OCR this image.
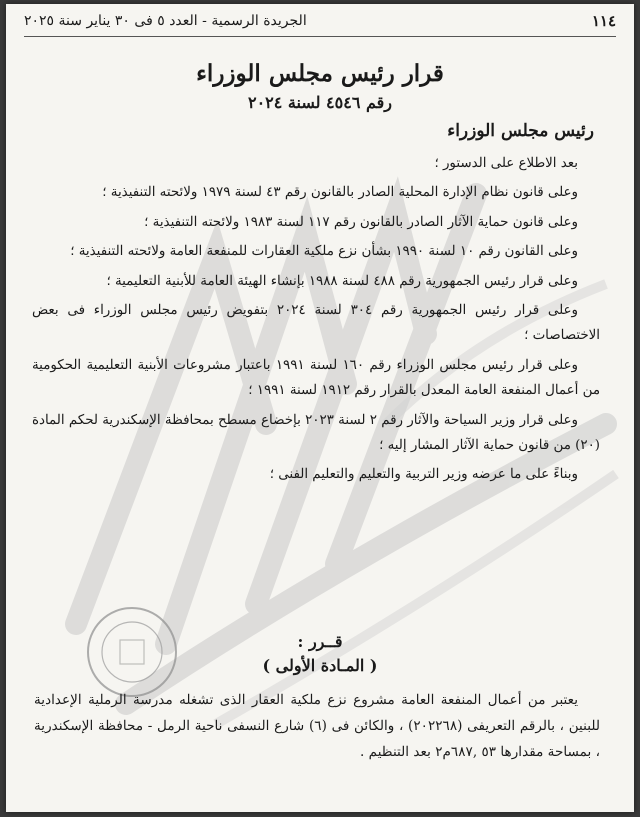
١١٤
الجريدة الرسمية - العدد ٥ فى ٣٠ يناير سنة ٢٠٢٥
قرار رئيس مجلس الوزراء
رقم ٤٥٤٦ لسنة ٢٠٢٤
رئيس مجلس الوزراء

بعد الاطلاع على الدستور ؛

وعلى قانون نظام الإدارة المحلية الصادر بالقانون رقم ٤٣ لسنة ١٩٧٩ ولائحته التنفيذية ؛

وعلى قانون حماية الآثار الصادر بالقانون رقم ١١٧ لسنة ١٩٨٣ ولائحته التنفيذية ؛

وعلى القانون رقم ١٠ لسنة ١٩٩٠ بشأن نزع ملكية العقارات للمنفعة العامة ولائحته التنفيذية ؛

وعلى قرار رئيس الجمهورية رقم ٤٨٨ لسنة ١٩٨٨ بإنشاء الهيئة العامة للأبنية التعليمية ؛

وعلى قرار رئيس الجمهورية رقم ٣٠٤ لسنة ٢٠٢٤ بتفويض رئيس مجلس الوزراء فى بعض الاختصاصات ؛

وعلى قرار رئيس مجلس الوزراء رقم ١٦٠ لسنة ١٩٩١ باعتبار مشروعات الأبنية التعليمية الحكومية من أعمال المنفعة العامة المعدل بالقرار رقم ١٩١٢ لسنة ١٩٩١ ؛

وعلى قرار وزير السياحة والآثار رقم ٢ لسنة ٢٠٢٣ بإخضاع مسطح بمحافظة الإسكندرية لحكم المادة (٢٠) من قانون حماية الآثار المشار إليه ؛

وبناءً على ما عرضه وزير التربية والتعليم والتعليم الفنى ؛

قــرر :
( المـادة الأولى )

يعتبر من أعمال المنفعة العامة مشروع نزع ملكية العقار الذى تشغله مدرسة الرملية الإعدادية للبنين ، بالرقم التعريفى (٢٠٢٢٦٨) ، والكائن فى (٦) شارع النسفى ناحية الرمل - محافظة الإسكندرية ، بمساحة مقدارها ٥٣ ,٦٨٧م٢ بعد التنظيم .
